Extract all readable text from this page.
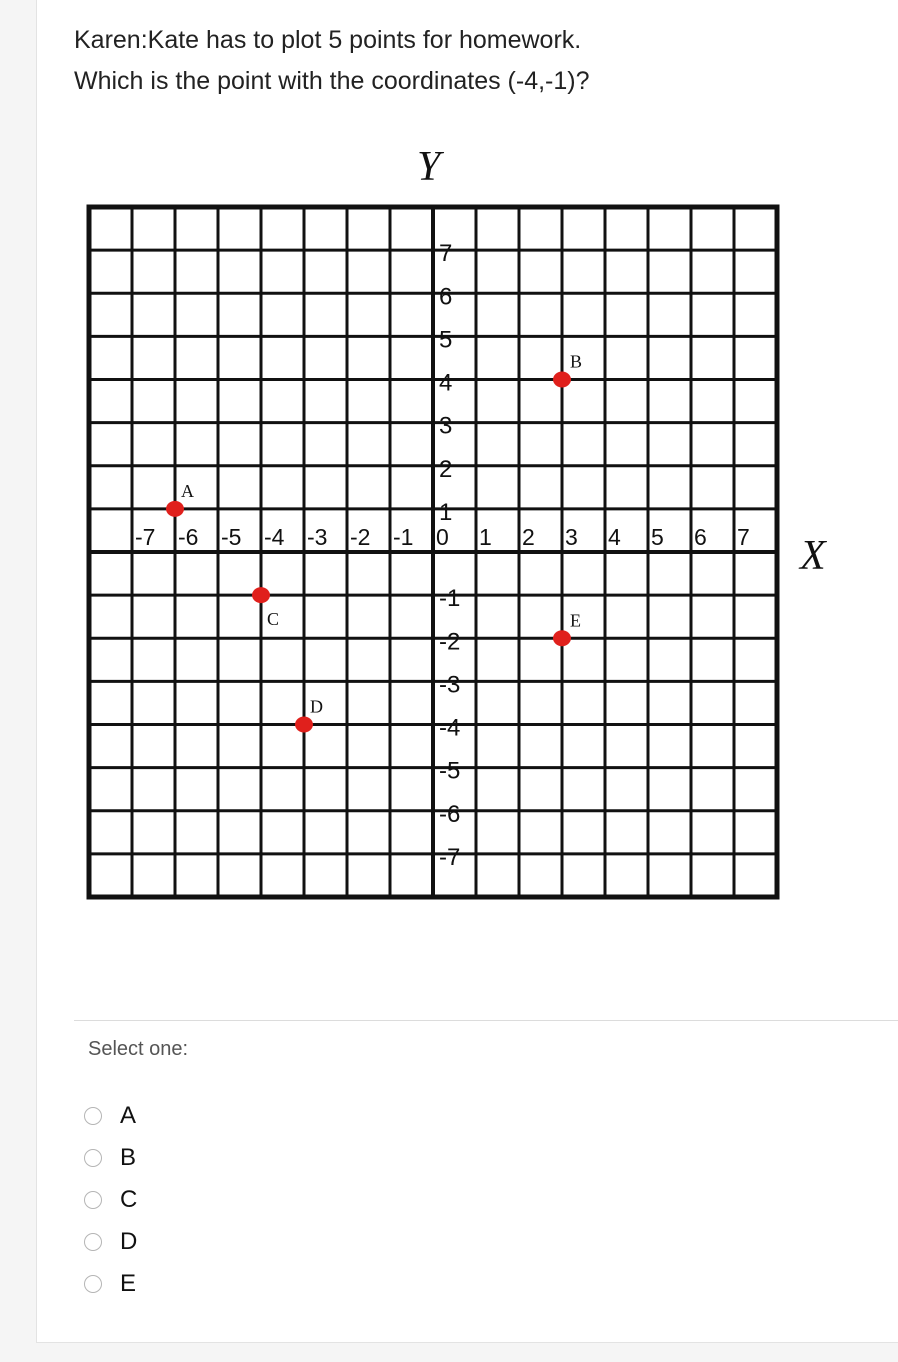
Karen:Kate has to plot 5 points for homework.

Which is the point with the coordinates (-4,-1)?

Y
X
-7 -6 -5 -4 -3 -2 -1 0 1 2 3 4 5 6 7
7
6
5
4
3
2
1
-1
-2
-3
-4
-5
-6
-7
A
B
C
D
E
Select one:
A
B
C
D
E
